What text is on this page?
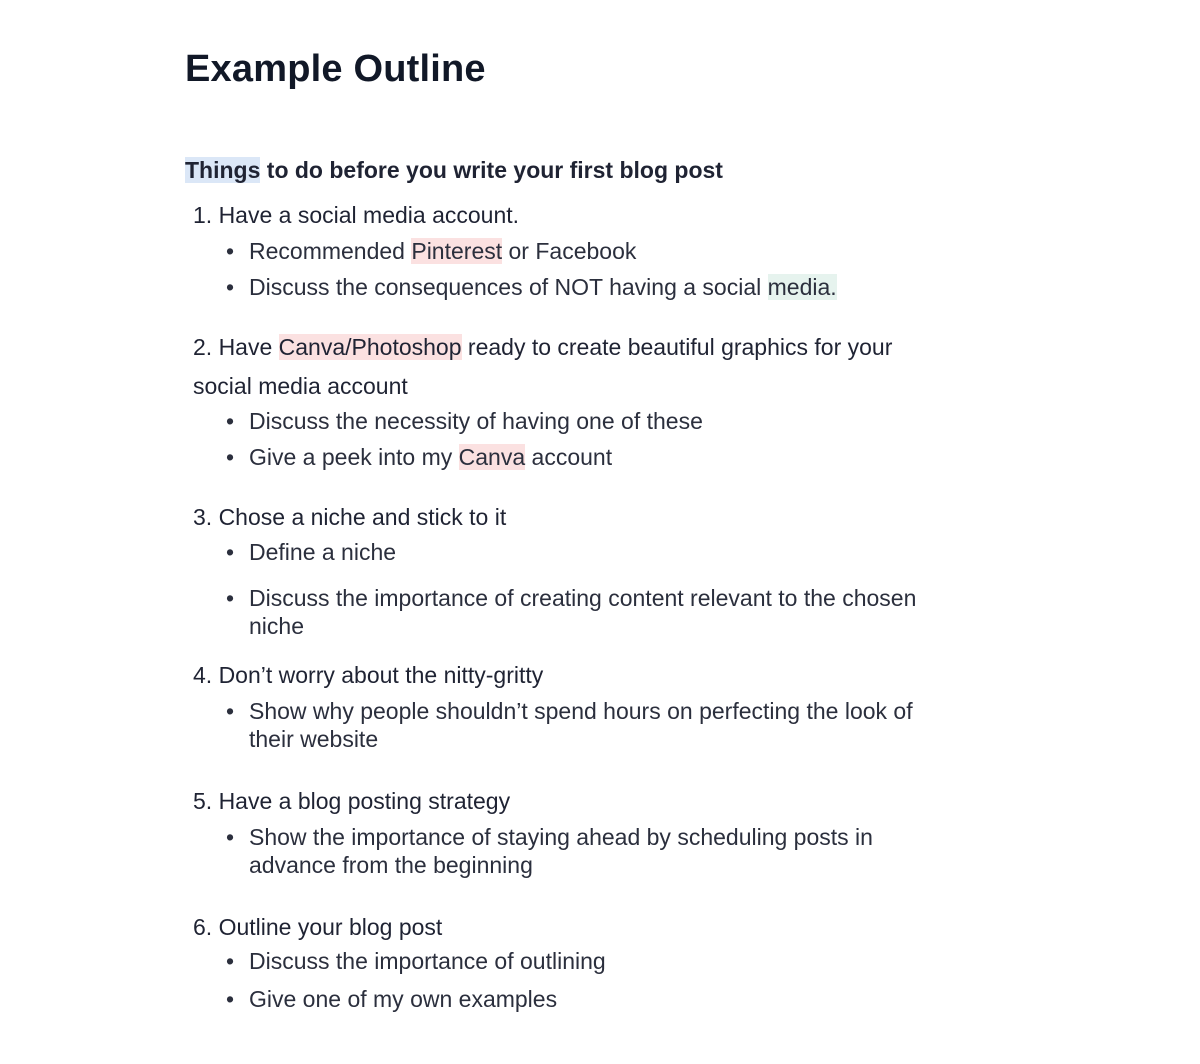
Example Outline
Things to do before you write your first blog post
1. Have a social media account.
• Recommended Pinterest or Facebook
• Discuss the consequences of NOT having a social media.
2. Have Canva/Photoshop ready to create beautiful graphics for your social media account
• Discuss the necessity of having one of these
• Give a peek into my Canva account
3. Chose a niche and stick to it
• Define a niche
• Discuss the importance of creating content relevant to the chosen niche
4. Don’t worry about the nitty-gritty
• Show why people shouldn’t spend hours on perfecting the look of their website
5. Have a blog posting strategy
• Show the importance of staying ahead by scheduling posts in advance from the beginning
6. Outline your blog post
• Discuss the importance of outlining
• Give one of my own examples
